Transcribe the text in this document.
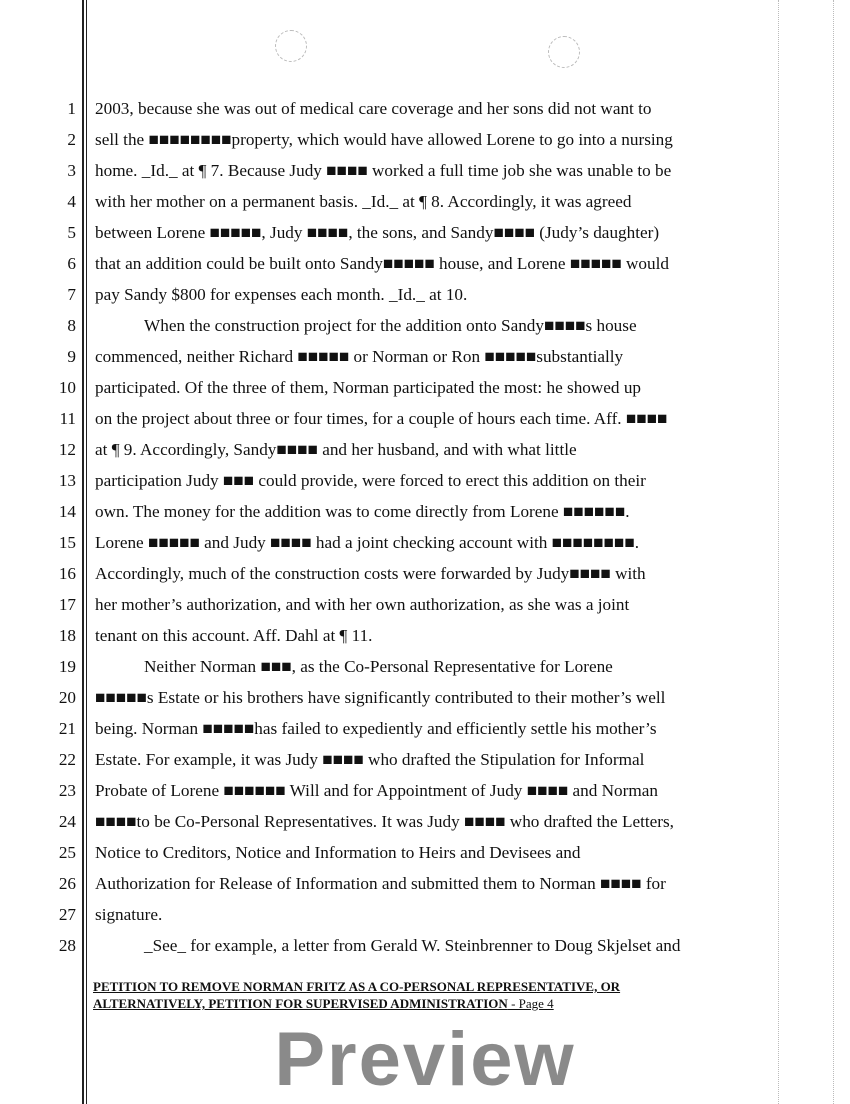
1 2003, because she was out of medical care coverage and her sons did not want to
2 sell the ■■■■■■■■property, which would have allowed Lorene to go into a nursing
3 home. _Id._ at ¶ 7. Because Judy ■■■■ worked a full time job she was unable to be
4 with her mother on a permanent basis. _Id._ at ¶ 8. Accordingly, it was agreed
5 between Lorene ■■■■■, Judy ■■■■, the sons, and Sandy■■■■ (Judy’s daughter)
6 that an addition could be built onto Sandy■■■■■ house, and Lorene ■■■■■ would
7 pay Sandy $800 for expenses each month. _Id._ at 10.
8	When the construction project for the addition onto Sandy■■■■s house
9 commenced, neither Richard ■■■■■ or Norman or Ron ■■■■■substantially
10 participated. Of the three of them, Norman participated the most: he showed up
11 on the project about three or four times, for a couple of hours each time. Aff. ■■■■
12 at ¶ 9. Accordingly, Sandy■■■■ and her husband, and with what little
13 participation Judy ■■■ could provide, were forced to erect this addition on their
14 own. The money for the addition was to come directly from Lorene ■■■■■■.
15 Lorene ■■■■■ and Judy ■■■■ had a joint checking account with ■■■■■■■■.
16 Accordingly, much of the construction costs were forwarded by Judy■■■■ with
17 her mother’s authorization, and with her own authorization, as she was a joint
18 tenant on this account. Aff. Dahl at ¶ 11.
19	Neither Norman ■■■, as the Co-Personal Representative for Lorene
20 ■■■■■s Estate or his brothers have significantly contributed to their mother’s well
21 being. Norman ■■■■■has failed to expediently and efficiently settle his mother’s
22 Estate. For example, it was Judy ■■■■ who drafted the Stipulation for Informal
23 Probate of Lorene ■■■■■■ Will and for Appointment of Judy ■■■■ and Norman
24 ■■■■to be Co-Personal Representatives. It was Judy ■■■■ who drafted the Letters,
25 Notice to Creditors, Notice and Information to Heirs and Devisees and
26 Authorization for Release of Information and submitted them to Norman ■■■■ for
27 signature.
28	_See_ for example, a letter from Gerald W. Steinbrenner to Doug Skjelset and
PETITION TO REMOVE NORMAN FRITZ AS A CO-PERSONAL REPRESENTATIVE, OR
ALTERNATIVELY, PETITION FOR SUPERVISED ADMINISTRATION - Page 4
Preview
